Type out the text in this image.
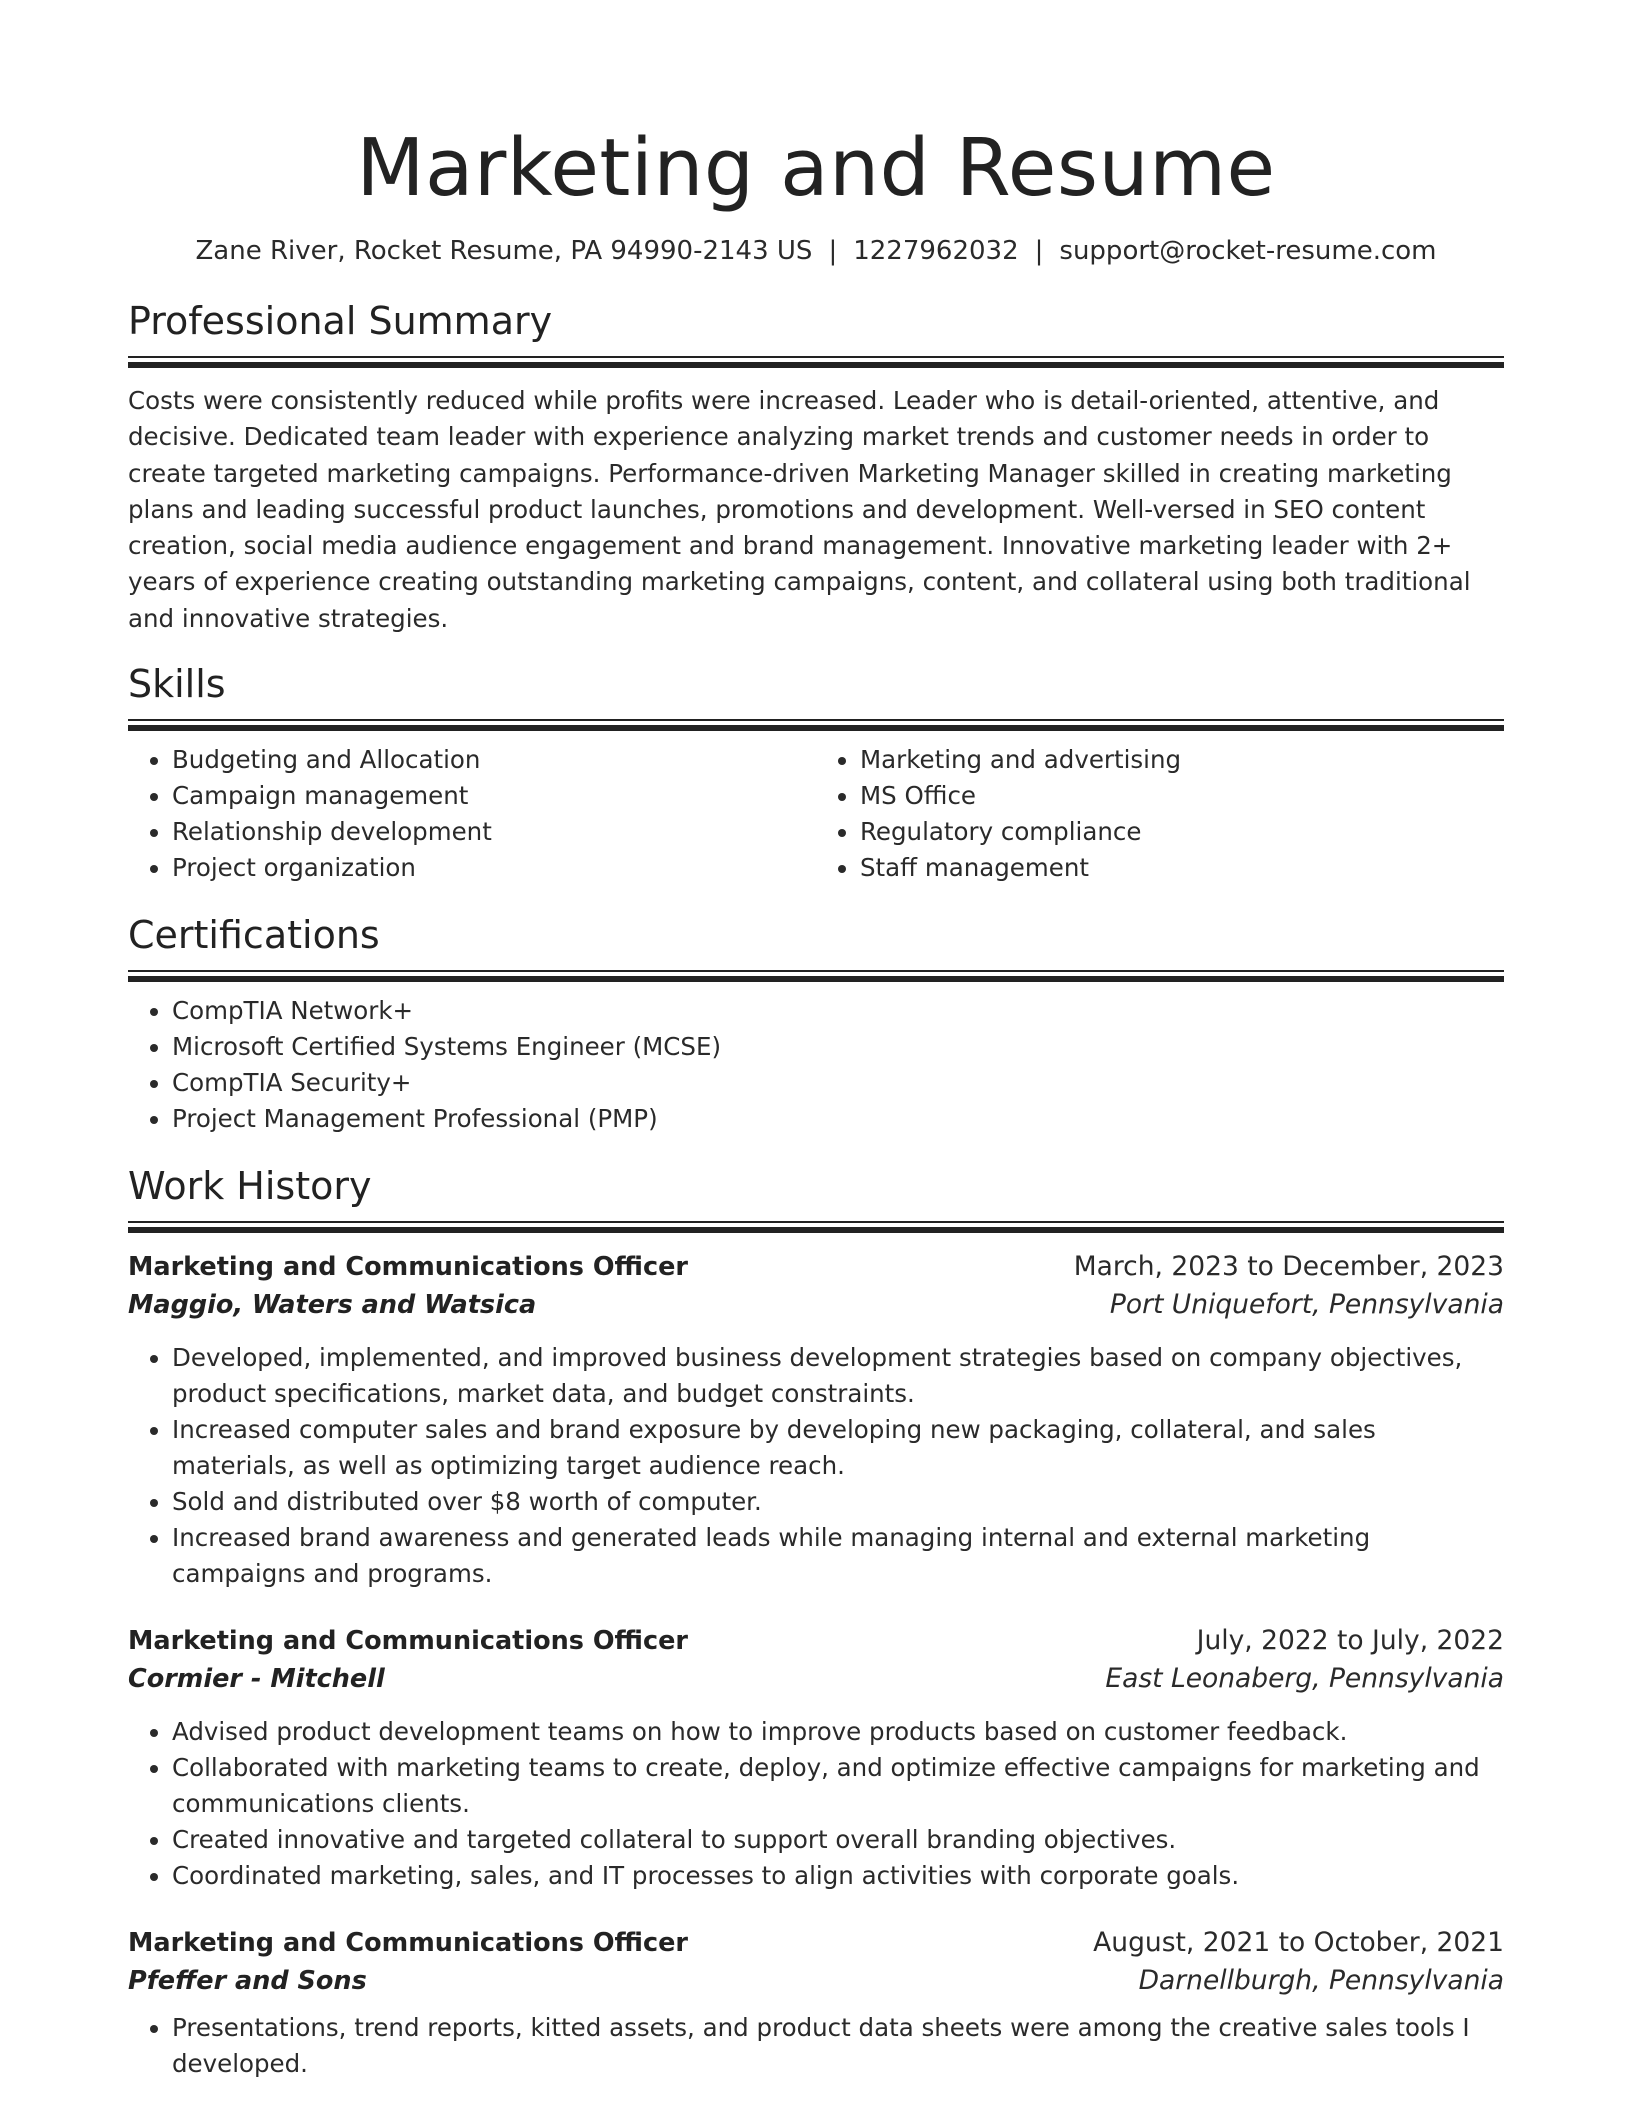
Marketing and Resume
Zane River, Rocket Resume, PA 94990-2143 US | 1227962032 | support@rocket-resume.com
Professional Summary

Costs were consistently reduced while profits were increased. Leader who is detail-oriented, attentive, and decisive. Dedicated team leader with experience analyzing market trends and customer needs in order to create targeted marketing campaigns. Performance-driven Marketing Manager skilled in creating marketing plans and leading successful product launches, promotions and development. Well-versed in SEO content creation, social media audience engagement and brand management. Innovative marketing leader with 2+ years of experience creating outstanding marketing campaigns, content, and collateral using both traditional and innovative strategies.

Skills
• Budgeting and Allocation
• Campaign management
• Relationship development
• Project organization
• Marketing and advertising
• MS Office
• Regulatory compliance
• Staff management
Certifications
• CompTIA Network+
• Microsoft Certified Systems Engineer (MCSE)
• CompTIA Security+
• Project Management Professional (PMP)
Work History
Marketing and Communications Officer	March, 2023 to December, 2023
Maggio, Waters and Watsica	Port Uniquefort, Pennsylvania
• Developed, implemented, and improved business development strategies based on company objectives, product specifications, market data, and budget constraints.
• Increased computer sales and brand exposure by developing new packaging, collateral, and sales materials, as well as optimizing target audience reach.
• Sold and distributed over $8 worth of computer.
• Increased brand awareness and generated leads while managing internal and external marketing campaigns and programs.
Marketing and Communications Officer	July, 2022 to July, 2022
Cormier - Mitchell	East Leonaberg, Pennsylvania
• Advised product development teams on how to improve products based on customer feedback.
• Collaborated with marketing teams to create, deploy, and optimize effective campaigns for marketing and communications clients.
• Created innovative and targeted collateral to support overall branding objectives.
• Coordinated marketing, sales, and IT processes to align activities with corporate goals.
Marketing and Communications Officer	August, 2021 to October, 2021
Pfeffer and Sons	Darnellburgh, Pennsylvania
• Presentations, trend reports, kitted assets, and product data sheets were among the creative sales tools I developed.
